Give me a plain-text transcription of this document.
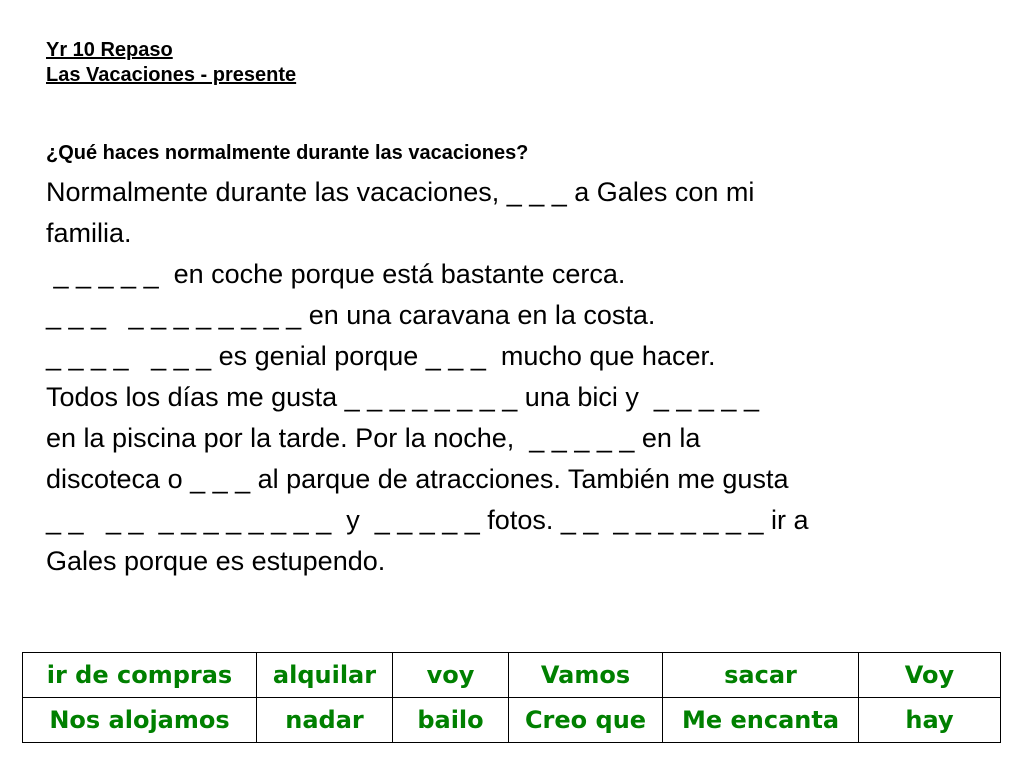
Yr 10 Repaso

Las Vacaciones - presente

¿Qué haces normalmente durante las vacaciones?

Normalmente durante las vacaciones, _ _ _ a Gales con mi
familia.
_ _ _ _ _  en coche porque está bastante cerca.
_ _ _   _ _ _ _ _ _ _ _ en una caravana en la costa.
_ _ _ _   _ _ _ es genial porque _ _ _  mucho que hacer.
Todos los días me gusta _ _ _ _ _ _ _ _ una bici y  _ _ _ _ _
en la piscina por la tarde. Por la noche,  _ _ _ _ _ en la
discoteca o _ _ _ al parque de atracciones. También me gusta
_ _   _ _  _ _ _ _ _ _ _ _  y  _ _ _ _ _ fotos. _ _  _ _ _ _ _ _ _ ir a
Gales porque es estupendo.
ir de compras	alquilar	voy	Vamos	sacar	Voy
Nos alojamos	nadar	bailo	Creo que	Me encanta	hay
